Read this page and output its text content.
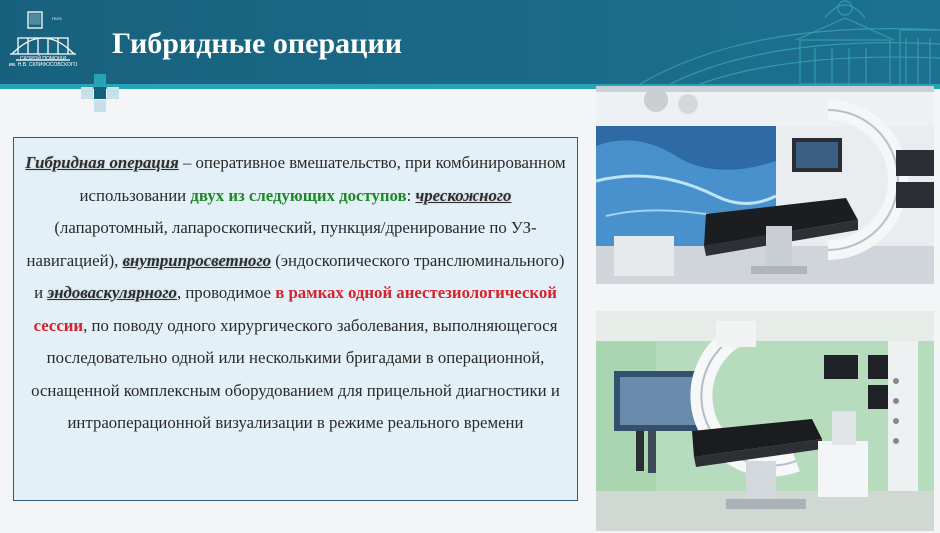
ГБУЗ
СКОРОЙ ПОМОЩИ
им. Н.В. СКЛИФОСОВСКОГО
Гибридные операции

Гибридная операция – оперативное вмешательство, при комбинированном использовании двух из следующих доступов: чрескожного (лапаротомный, лапароскопический, пункция/дренирование по УЗ-навигацией), внутрипросветного (эндоскопического транслюминального) и эндоваскулярного, проводимое в рамках одной анестезиологической сессии, по поводу одного хирургического заболевания, выполняющегося последовательно одной или несколькими бригадами в операционной, оснащенной комплексным оборудованием для прицельной диагностики и интраоперационной визуализации в режиме реального времени
